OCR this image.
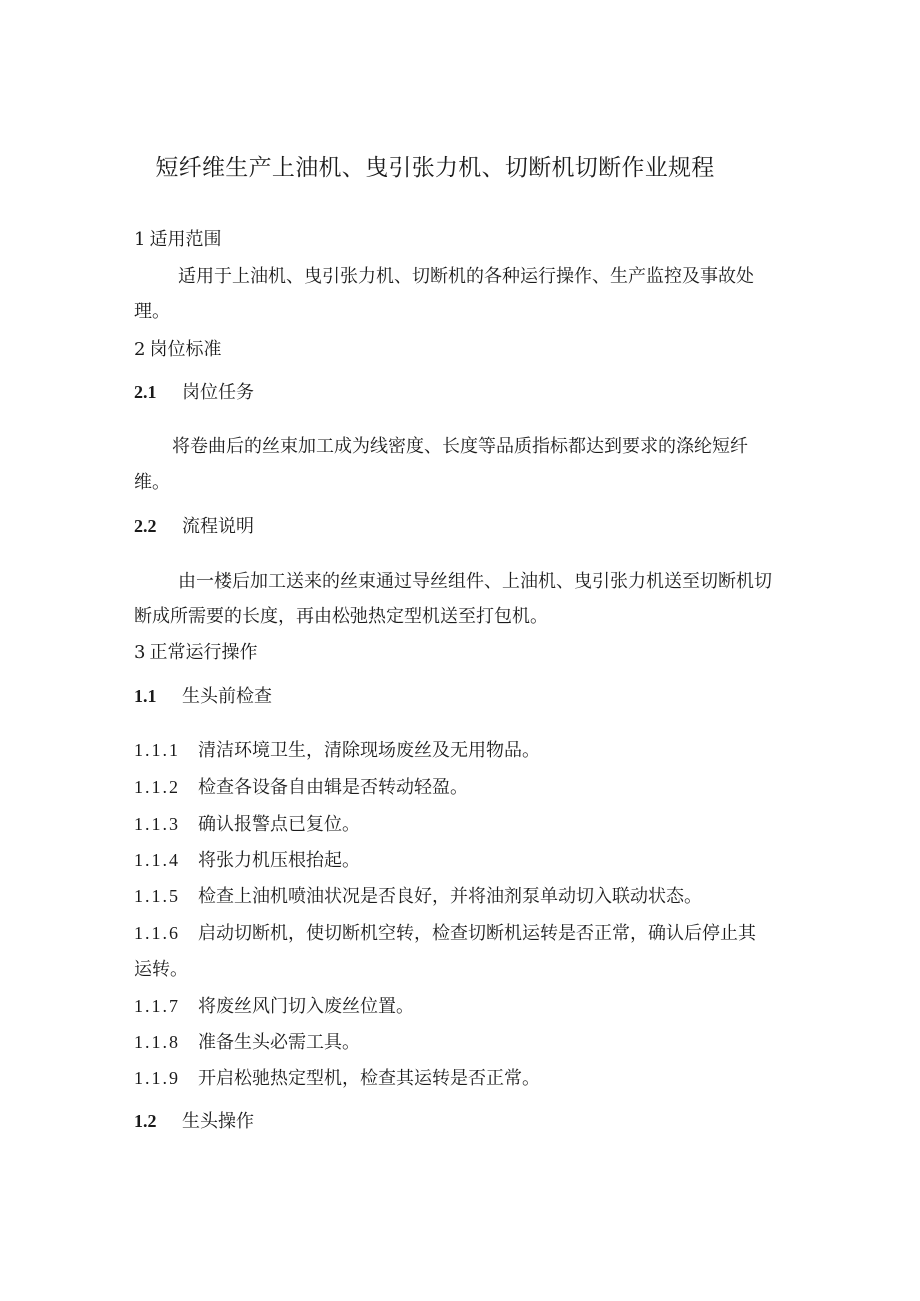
短纤维生产上油机、曳引张力机、切断机切断作业规程
1 适用范围
适用于上油机、曳引张力机、切断机的各种运行操作、生产监控及事故处
理。
2 岗位标准
2.1 岗位任务
将卷曲后的丝束加工成为线密度、长度等品质指标都达到要求的涤纶短纤
维。
2.2 流程说明
由一楼后加工送来的丝束通过导丝组件、上油机、曳引张力机送至切断机切
断成所需要的长度，再由松弛热定型机送至打包机。
3 正常运行操作
1.1 生头前检查
1.1.1 清洁环境卫生，清除现场废丝及无用物品。
1.1.2 检查各设备自由辑是否转动轻盈。
1.1.3 确认报警点已复位。
1.1.4 将张力机压根抬起。
1.1.5 检查上油机喷油状况是否良好，并将油剂泵单动切入联动状态。
1.1.6 启动切断机，使切断机空转，检查切断机运转是否正常，确认后停止其
运转。
1.1.7 将废丝风门切入废丝位置。
1.1.8 准备生头必需工具。
1.1.9 开启松驰热定型机，检查其运转是否正常。
1.2 生头操作
